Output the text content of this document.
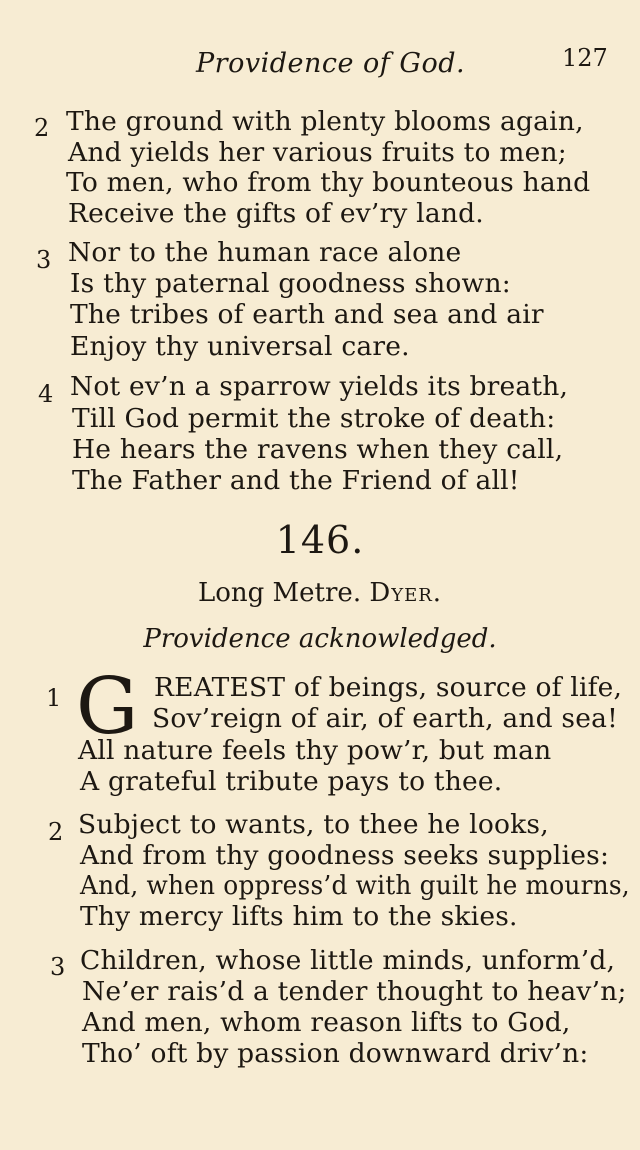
Providence of God.	127
2 The ground with plenty blooms again,
And yields her various fruits to men;
To men, who from thy bounteous hand
Receive the gifts of ev’ry land.
3 Nor to the human race alone
Is thy paternal goodness shown:
The tribes of earth and sea and air
Enjoy thy universal care.
4 Not ev’n a sparrow yields its breath,
Till God permit the stroke of death:
He hears the ravens when they call,
The Father and the Friend of all!
146.
Long Metre. Dyer.
Providence acknowledged.
1 G REATEST of beings, source of life,
Sov’reign of air, of earth, and sea!
All nature feels thy pow’r, but man
A grateful tribute pays to thee.
2 Subject to wants, to thee he looks,
And from thy goodness seeks supplies:
And, when oppress’d with guilt he mourns,
Thy mercy lifts him to the skies.
3 Children, whose little minds, unform’d,
Ne’er rais’d a tender thought to heav’n;
And men, whom reason lifts to God,
Tho’ oft by passion downward driv’n:
